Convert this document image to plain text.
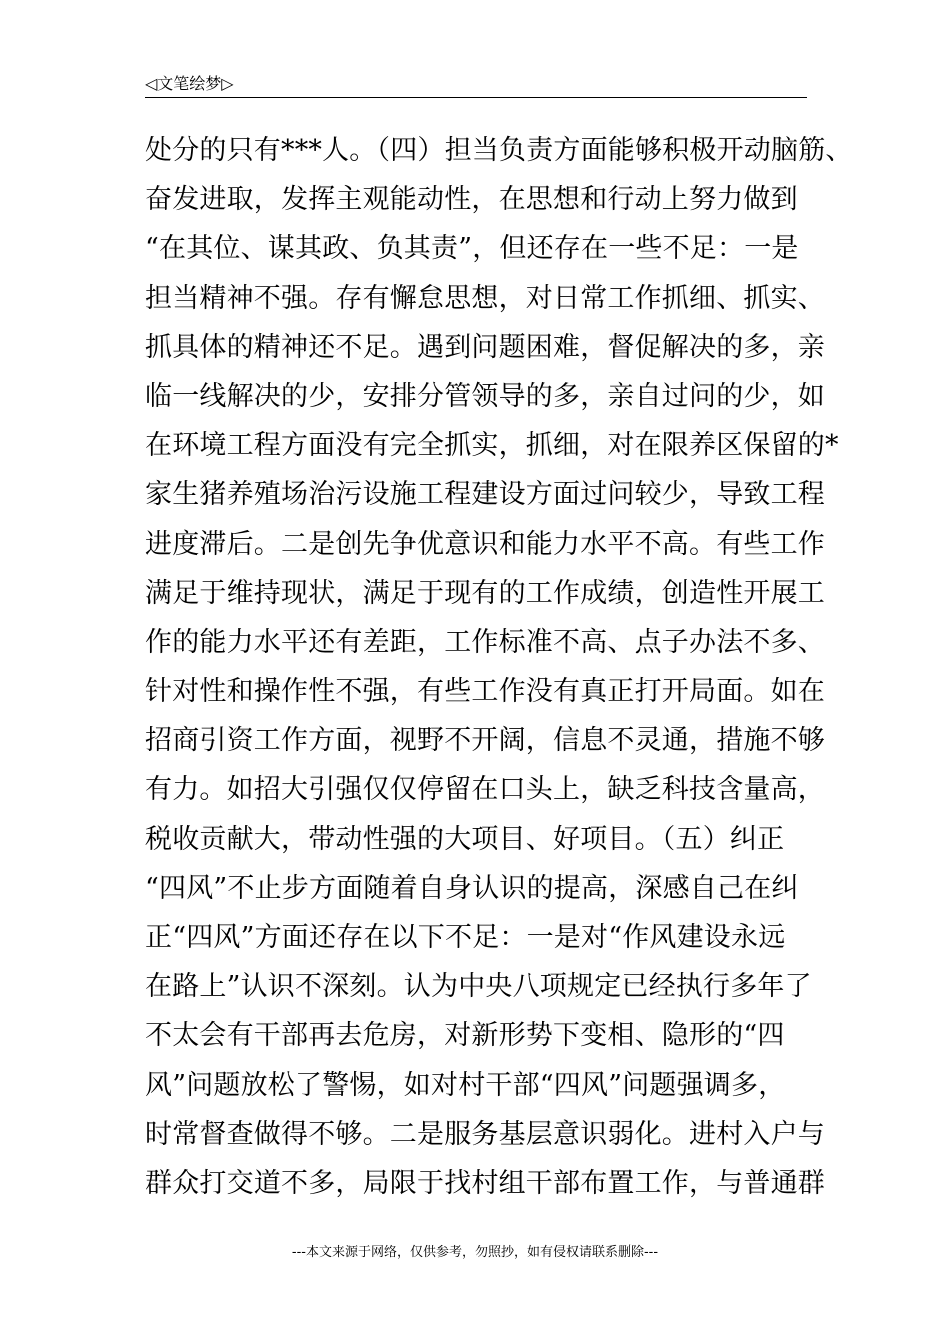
◁文笔绘梦▷
处分的只有***人。（四）担当负责方面能够积极开动脑筋、
奋发进取，发挥主观能动性，在思想和行动上努力做到
“在其位、谋其政、负其责”，但还存在一些不足：一是
担当精神不强。存有懈怠思想，对日常工作抓细、抓实、
抓具体的精神还不足。遇到问题困难，督促解决的多，亲
临一线解决的少，安排分管领导的多，亲自过问的少，如
在环境工程方面没有完全抓实，抓细，对在限养区保留的*
家生猪养殖场治污设施工程建设方面过问较少，导致工程
进度滞后。二是创先争优意识和能力水平不高。有些工作
满足于维持现状，满足于现有的工作成绩，创造性开展工
作的能力水平还有差距，工作标准不高、点子办法不多、
针对性和操作性不强，有些工作没有真正打开局面。如在
招商引资工作方面，视野不开阔，信息不灵通，措施不够
有力。如招大引强仅仅停留在口头上，缺乏科技含量高，
税收贡献大，带动性强的大项目、好项目。（五）纠正
“四风”不止步方面随着自身认识的提高，深感自己在纠
正“四风”方面还存在以下不足：一是对“作风建设永远
在路上”认识不深刻。认为中央八项规定已经执行多年了
不太会有干部再去危房，对新形势下变相、隐形的“四
风”问题放松了警惕，如对村干部“四风”问题强调多，
时常督查做得不够。二是服务基层意识弱化。进村入户与
群众打交道不多，局限于找村组干部布置工作，与普通群
---本文来源于网络，仅供参考，勿照抄，如有侵权请联系删除---
